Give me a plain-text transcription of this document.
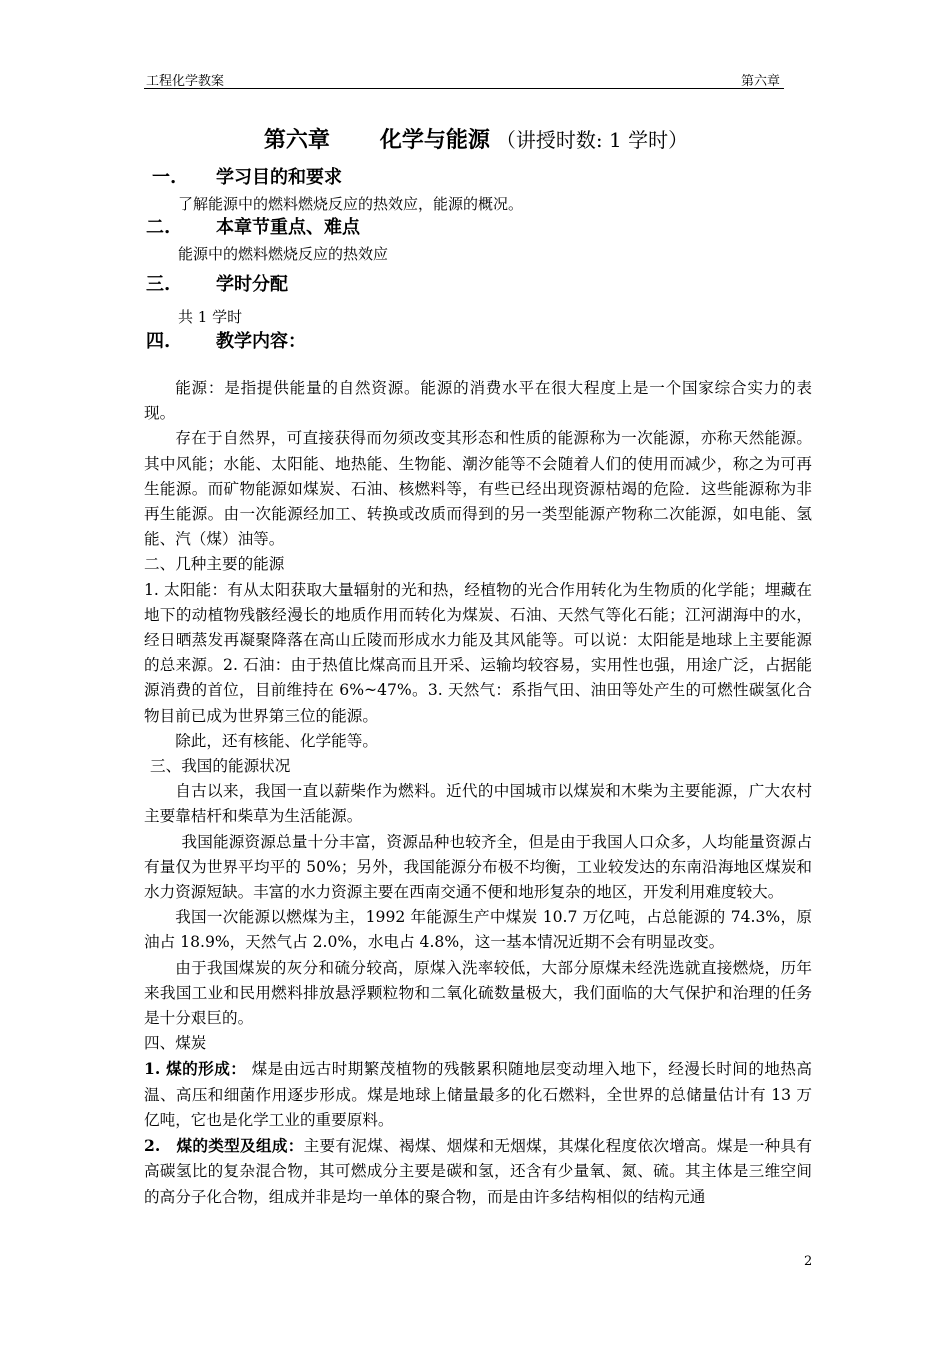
工程化学教案	第六章
第六章 化学与能源 （讲授时数: 1 学时）
一. 学习目的和要求
了解能源中的燃料燃烧反应的热效应，能源的概况。
二.	本章节重点、难点
能源中的燃料燃烧反应的热效应
三.	学时分配
共 1 学时
四.	教学内容：

能源：是指提供能量的自然资源。能源的消费水平在很大程度上是一个国家综合实力的表现。

存在于自然界，可直接获得而勿须改变其形态和性质的能源称为一次能源，亦称天然能源。其中风能；水能、太阳能、地热能、生物能、潮汐能等不会随着人们的使用而减少，称之为可再生能源。而矿物能源如煤炭、石油、核燃料等，有些已经出现资源枯竭的危险．这些能源称为非再生能源。由一次能源经加工、转换或改质而得到的另一类型能源产物称二次能源，如电能、氢能、汽（煤）油等。

二、几种主要的能源

1. 太阳能：有从太阳获取大量辐射的光和热，经植物的光合作用转化为生物质的化学能；埋藏在地下的动植物残骸经漫长的地质作用而转化为煤炭、石油、天然气等化石能；江河湖海中的水，经日晒蒸发再凝聚降落在高山丘陵而形成水力能及其风能等。可以说：太阳能是地球上主要能源的总来源。2. 石油：由于热值比煤高而且开采、运输均较容易，实用性也强，用途广泛，占据能源消费的首位，目前维持在 6%~47%。3. 天然气：系指气田、油田等处产生的可燃性碳氢化合物目前已成为世界第三位的能源。

除此，还有核能、化学能等。

三、我国的能源状况

自古以来，我国一直以薪柴作为燃料。近代的中国城市以煤炭和木柴为主要能源，广大农村主要靠桔杆和柴草为生活能源。

我国能源资源总量十分丰富，资源品种也较齐全，但是由于我国人口众多，人均能量资源占有量仅为世界平均平的 50%；另外，我国能源分布极不均衡，工业较发达的东南沿海地区煤炭和水力资源短缺。丰富的水力资源主要在西南交通不便和地形复杂的地区，开发利用难度较大。

我国一次能源以燃煤为主，1992 年能源生产中煤炭 10.7 万亿吨，占总能源的 74.3%，原油占 18.9%，天然气占 2.0%，水电占 4.8%，这一基本情况近期不会有明显改变。

由于我国煤炭的灰分和硫分较高，原煤入洗率较低，大部分原煤未经洗选就直接燃烧，历年来我国工业和民用燃料排放悬浮颗粒物和二氧化硫数量极大，我们面临的大气保护和治理的任务是十分艰巨的。

四、煤炭

1. 煤的形成： 煤是由远古时期繁茂植物的残骸累积随地层变动埋入地下，经漫长时间的地热高温、高压和细菌作用逐步形成。煤是地球上储量最多的化石燃料，全世界的总储量估计有 13 万亿吨，它也是化学工业的重要原料。

2.　煤的类型及组成：主要有泥煤、褐煤、烟煤和无烟煤，其煤化程度依次增高。煤是一种具有高碳氢比的复杂混合物，其可燃成分主要是碳和氢，还含有少量氧、氮、硫。其主体是三维空间的高分子化合物，组成并非是均一单体的聚合物，而是由许多结构相似的结构元通

2
